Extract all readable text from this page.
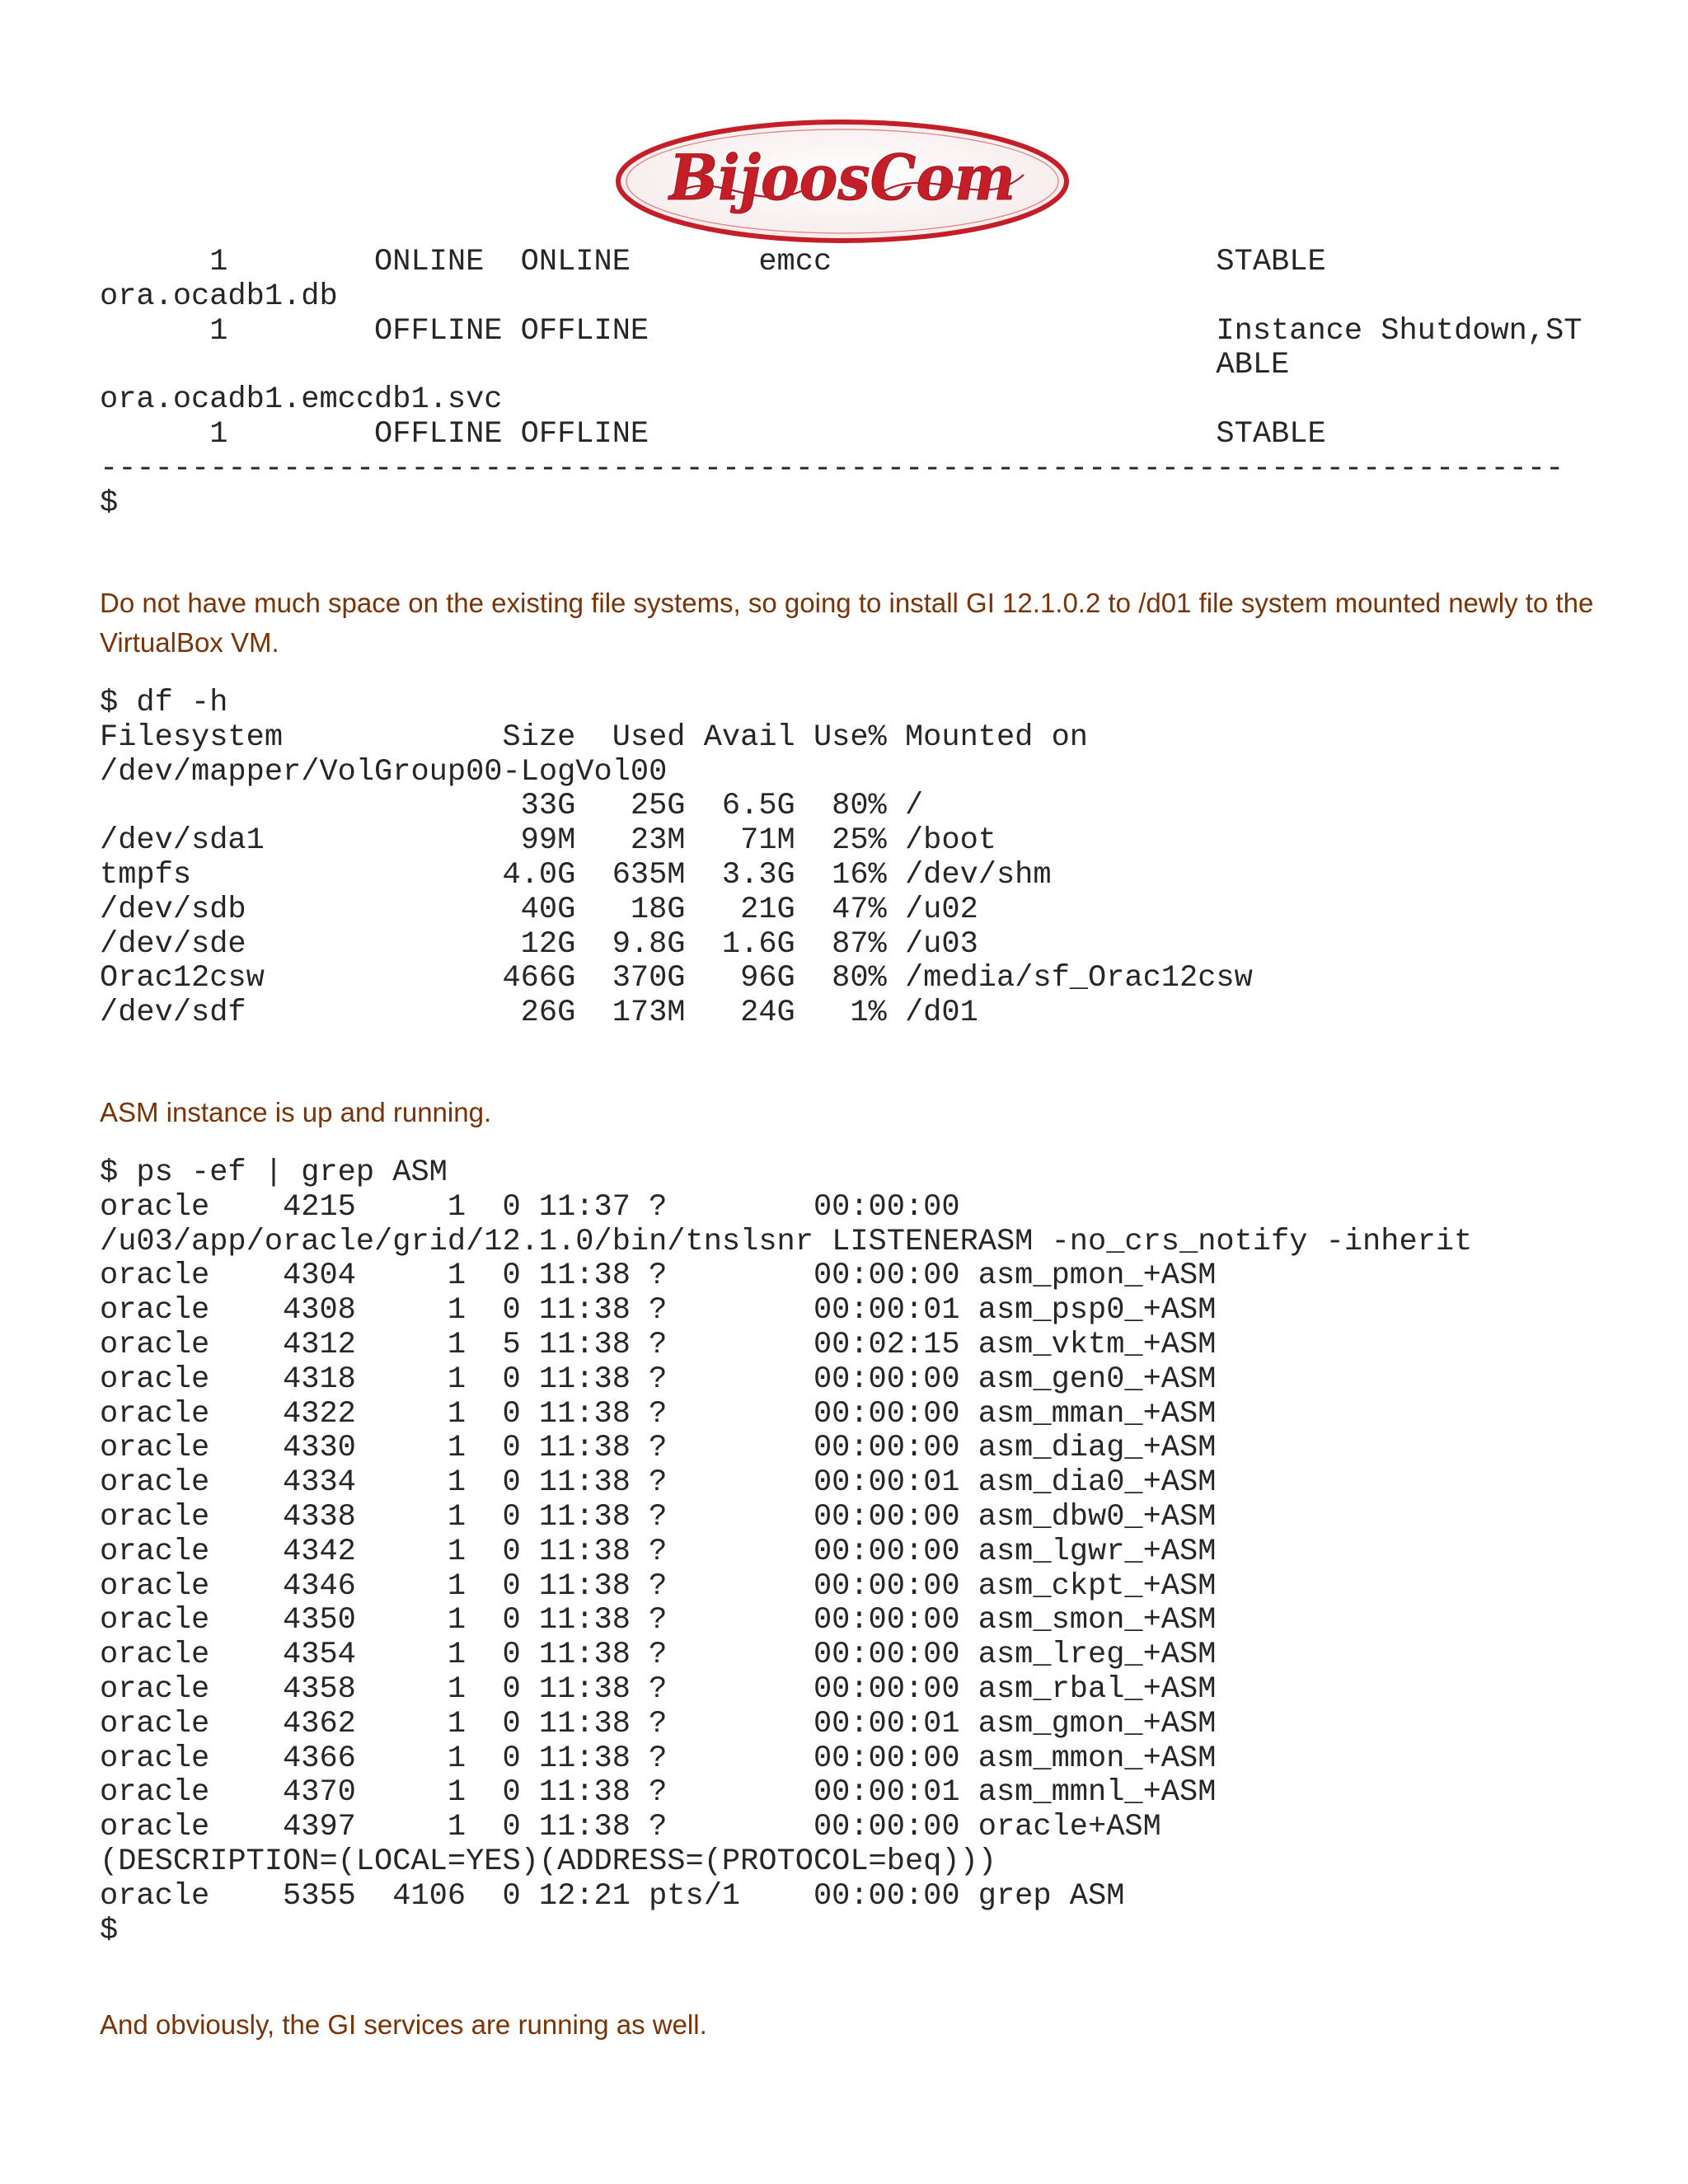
BijoosCom
1        ONLINE  ONLINE       emcc                     STABLE
ora.ocadb1.db
1        OFFLINE OFFLINE                               Instance Shutdown,ST
ABLE
ora.ocadb1.emccdb1.svc
1        OFFLINE OFFLINE                               STABLE
--------------------------------------------------------------------------------
$

Do not have much space on the existing file systems, so going to install GI 12.1.0.2 to /d01 file system mounted newly to the VirtualBox VM.

$ df -h
Filesystem            Size  Used Avail Use% Mounted on
/dev/mapper/VolGroup00-LogVol00
33G   25G  6.5G  80% /
/dev/sda1              99M   23M   71M  25% /boot
tmpfs                 4.0G  635M  3.3G  16% /dev/shm
/dev/sdb               40G   18G   21G  47% /u02
/dev/sde               12G  9.8G  1.6G  87% /u03
Orac12csw             466G  370G   96G  80% /media/sf_Orac12csw
/dev/sdf               26G  173M   24G   1% /d01

ASM instance is up and running.

$ ps -ef | grep ASM
oracle    4215     1  0 11:37 ?        00:00:00
/u03/app/oracle/grid/12.1.0/bin/tnslsnr LISTENERASM -no_crs_notify -inherit
oracle    4304     1  0 11:38 ?        00:00:00 asm_pmon_+ASM
oracle    4308     1  0 11:38 ?        00:00:01 asm_psp0_+ASM
oracle    4312     1  5 11:38 ?        00:02:15 asm_vktm_+ASM
oracle    4318     1  0 11:38 ?        00:00:00 asm_gen0_+ASM
oracle    4322     1  0 11:38 ?        00:00:00 asm_mman_+ASM
oracle    4330     1  0 11:38 ?        00:00:00 asm_diag_+ASM
oracle    4334     1  0 11:38 ?        00:00:01 asm_dia0_+ASM
oracle    4338     1  0 11:38 ?        00:00:00 asm_dbw0_+ASM
oracle    4342     1  0 11:38 ?        00:00:00 asm_lgwr_+ASM
oracle    4346     1  0 11:38 ?        00:00:00 asm_ckpt_+ASM
oracle    4350     1  0 11:38 ?        00:00:00 asm_smon_+ASM
oracle    4354     1  0 11:38 ?        00:00:00 asm_lreg_+ASM
oracle    4358     1  0 11:38 ?        00:00:00 asm_rbal_+ASM
oracle    4362     1  0 11:38 ?        00:00:01 asm_gmon_+ASM
oracle    4366     1  0 11:38 ?        00:00:00 asm_mmon_+ASM
oracle    4370     1  0 11:38 ?        00:00:01 asm_mmnl_+ASM
oracle    4397     1  0 11:38 ?        00:00:00 oracle+ASM
(DESCRIPTION=(LOCAL=YES)(ADDRESS=(PROTOCOL=beq)))
oracle    5355  4106  0 12:21 pts/1    00:00:00 grep ASM
$

And obviously, the GI services are running as well.
